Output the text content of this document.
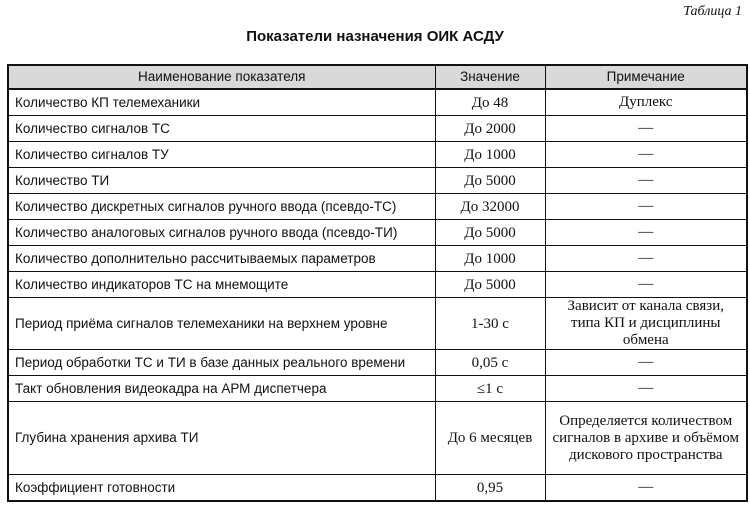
Таблица 1
Показатели назначения ОИК АСДУ
Наименование показателя	Значение	Примечание
Количество КП телемеханики	До 48	Дуплекс
Количество сигналов ТС	До 2000	—
Количество сигналов ТУ	До 1000	—
Количество ТИ	До 5000	—
Количество дискретных сигналов ручного ввода (псевдо-ТС)	До 32000	—
Количество аналоговых сигналов ручного ввода (псевдо-ТИ)	До 5000	—
Количество дополнительно рассчитываемых параметров	До 1000	—
Количество индикаторов ТС на мнемощите	До 5000	—
Период приёма сигналов телемеханики на верхнем уровне	1-30 с	Зависит от канала связи, типа КП и дисциплины обмена
Период обработки ТС и ТИ в базе данных реального времени	0,05 с	—
Такт обновления видеокадра на АРМ диспетчера	≤1 с	—
Глубина хранения архива ТИ	До 6 месяцев	Определяется количеством сигналов в архиве и объёмом дискового пространства
Коэффициент готовности	0,95	—
